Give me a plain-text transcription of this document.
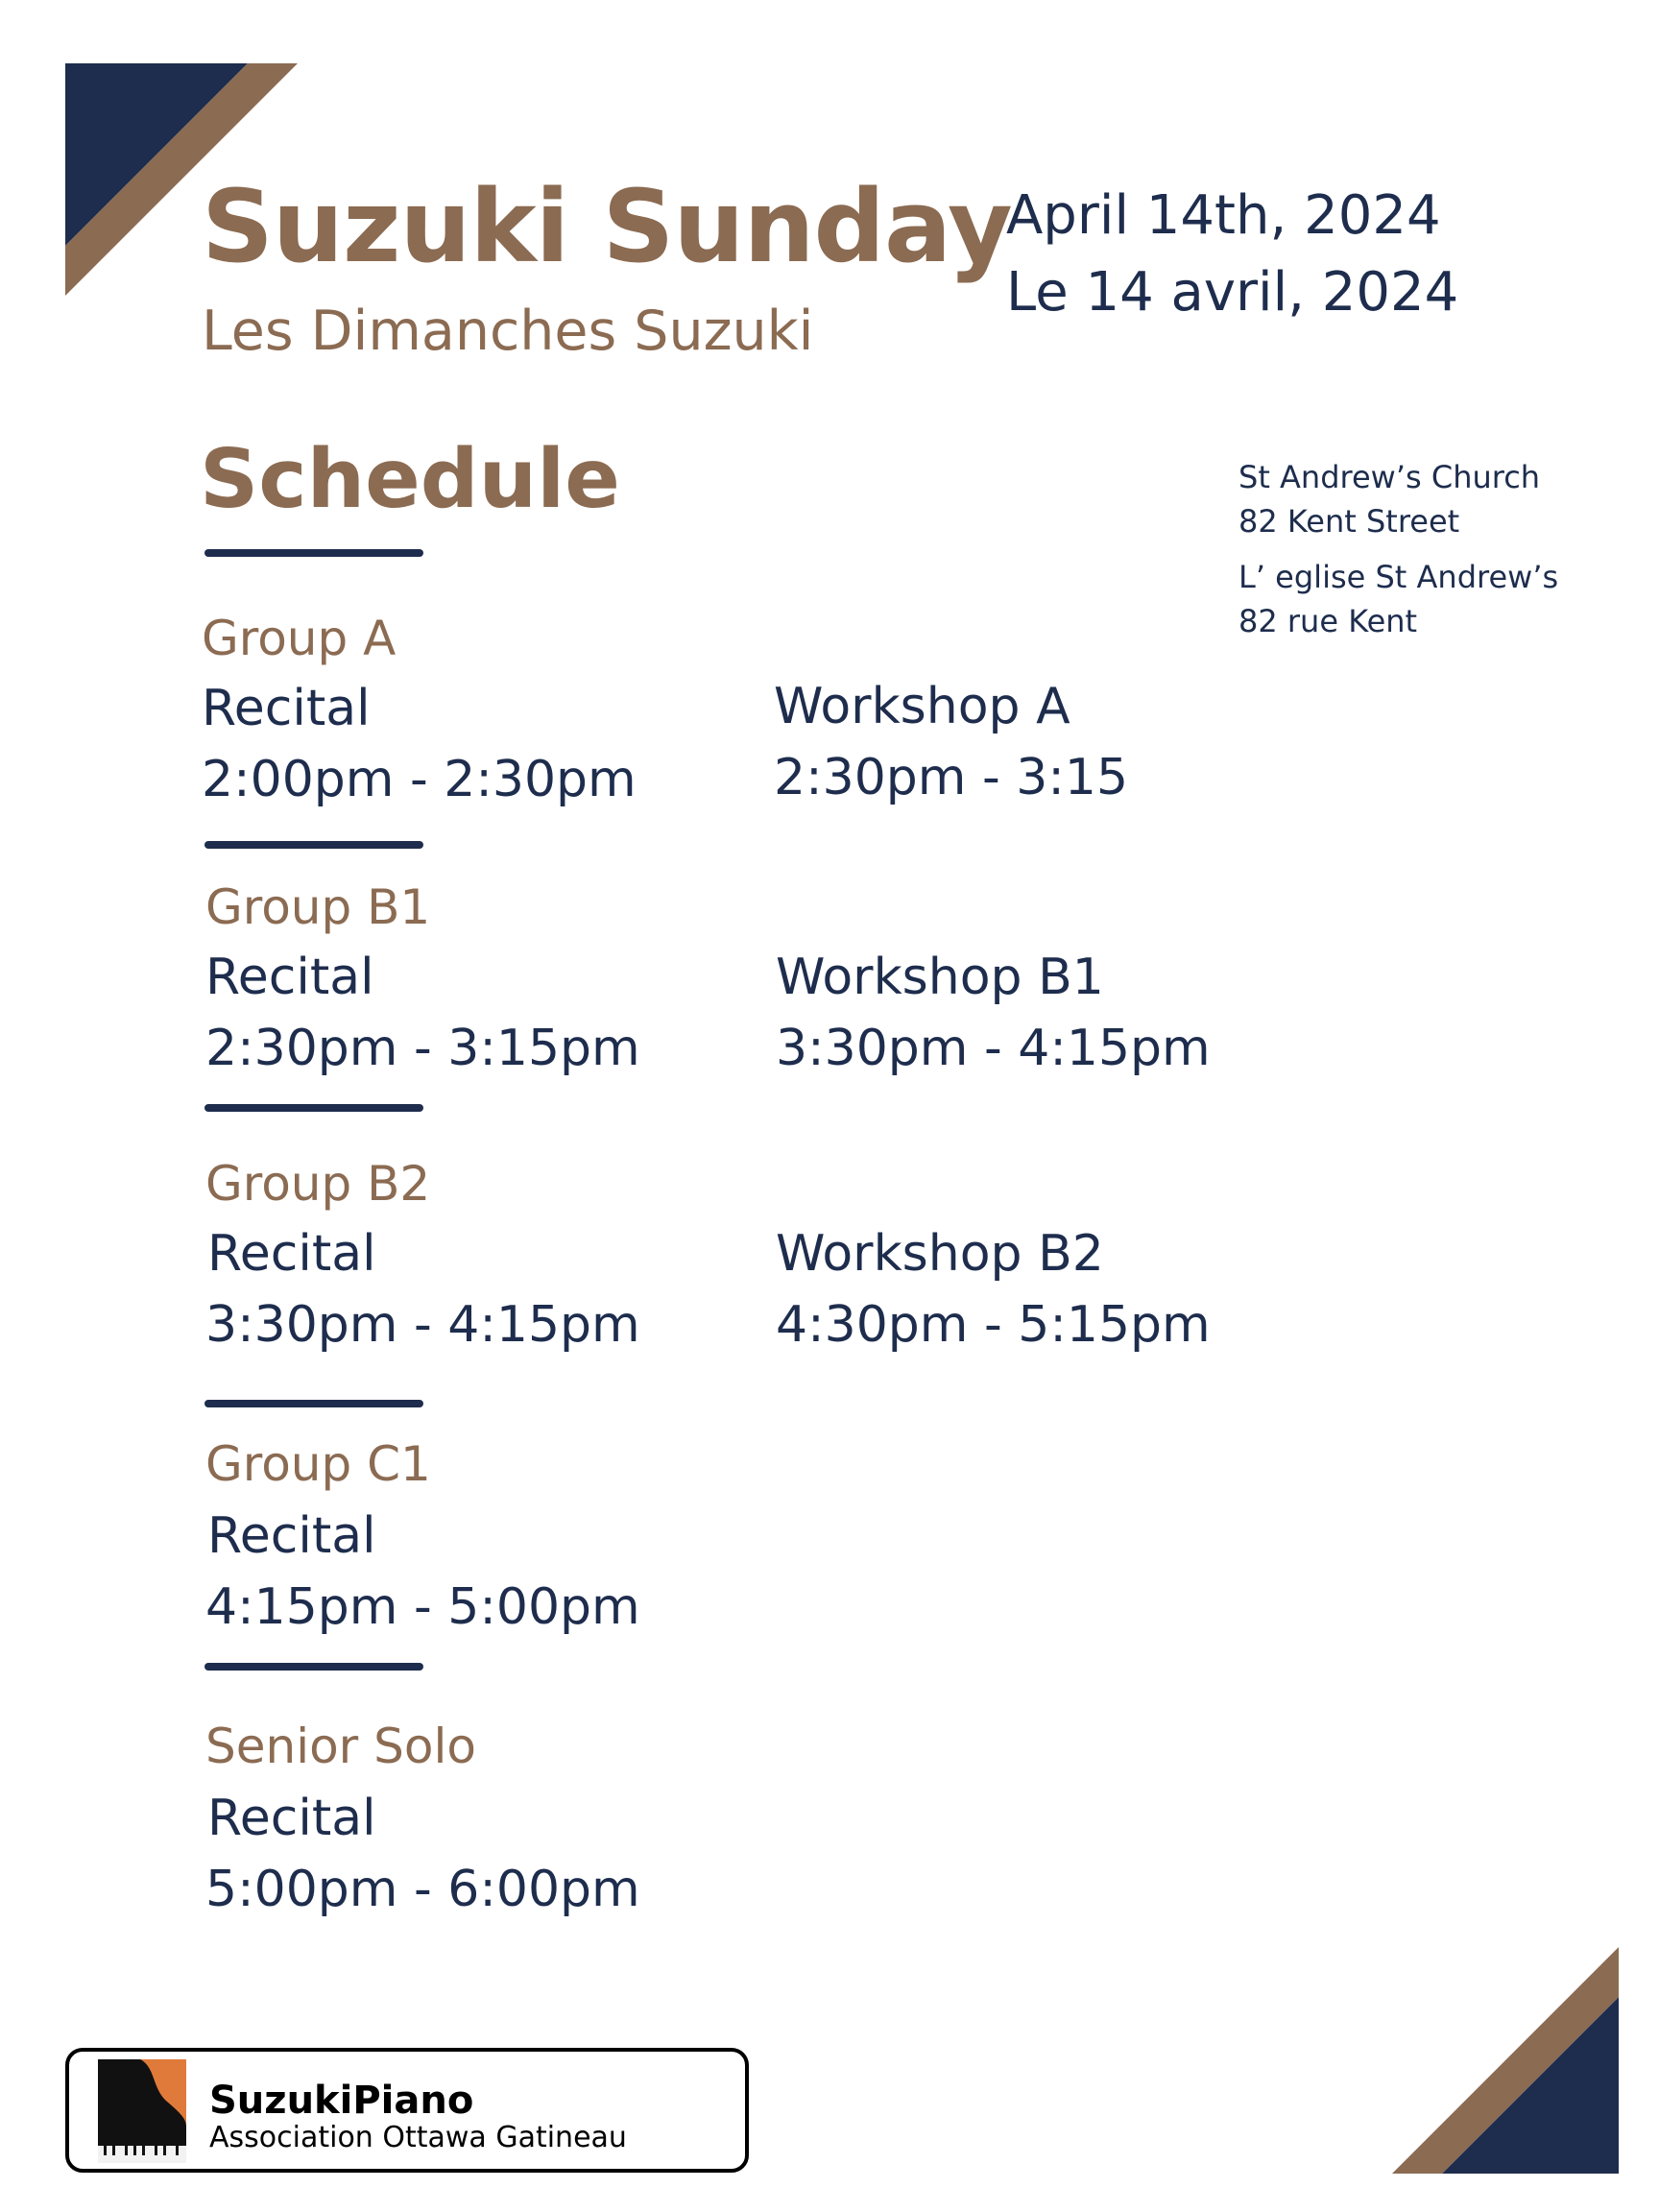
Suzuki Sunday
Les Dimanches Suzuki
April 14th, 2024
Le 14 avril, 2024
St Andrew’s Church
82 Kent Street
L’ eglise St Andrew’s
82 rue Kent
Schedule
Group A
Recital
2:00pm - 2:30pm
Workshop A
2:30pm - 3:15
Group B1
Recital
2:30pm - 3:15pm
Workshop B1
3:30pm - 4:15pm
Group B2
Recital
3:30pm - 4:15pm
Workshop B2
4:30pm - 5:15pm
Group C1
Recital
4:15pm - 5:00pm
Senior Solo
Recital
5:00pm - 6:00pm
SuzukiPiano
Association Ottawa Gatineau
